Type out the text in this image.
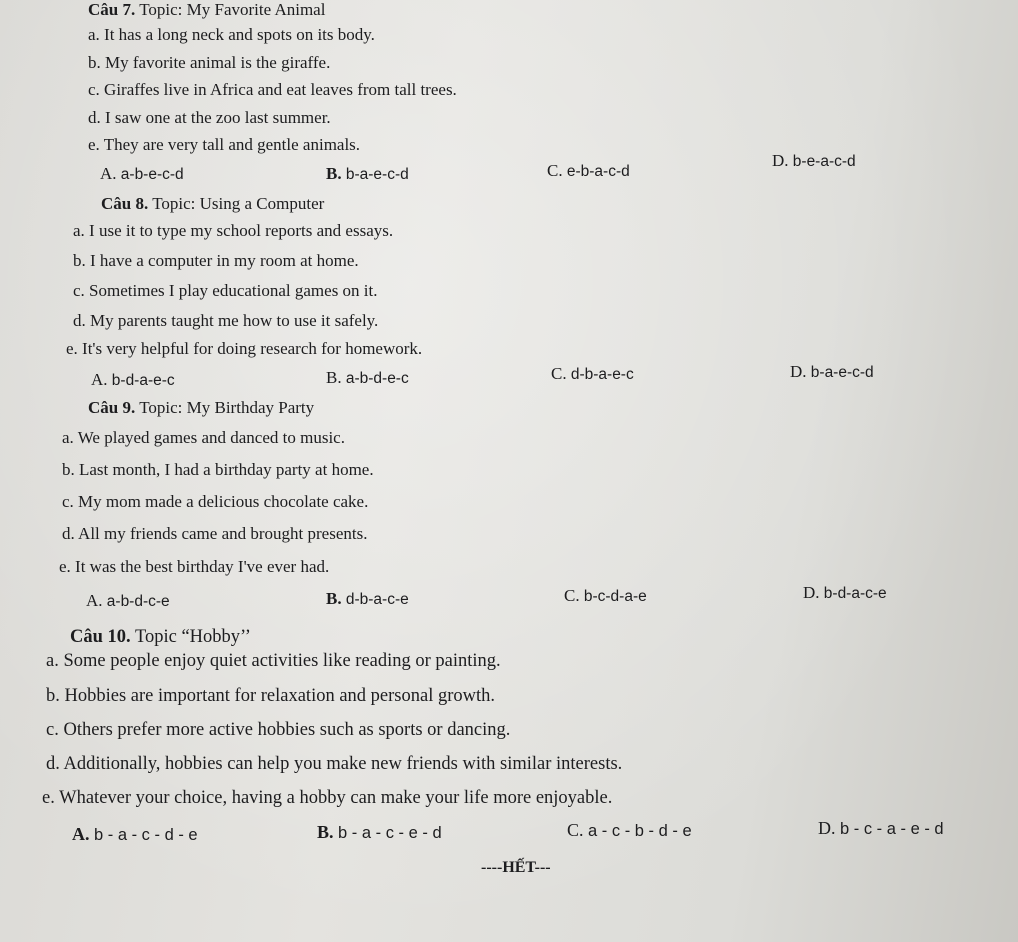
Câu 7. Topic: My Favorite Animal
a. It has a long neck and spots on its body.
b. My favorite animal is the giraffe.
c. Giraffes live in Africa and eat leaves from tall trees.
d. I saw one at the zoo last summer.
e. They are very tall and gentle animals.
A. a-b-e-c-d	B. b-a-e-c-d	C. e-b-a-c-d
D. b-e-a-c-d
Câu 8. Topic: Using a Computer
a. I use it to type my school reports and essays.
b. I have a computer in my room at home.
c. Sometimes I play educational games on it.
d. My parents taught me how to use it safely.
e. It's very helpful for doing research for homework.
A. b-d-a-e-c	B. a-b-d-e-c	C. d-b-a-e-c	D. b-a-e-c-d
Câu 9. Topic: My Birthday Party
a. We played games and danced to music.
b. Last month, I had a birthday party at home.
c. My mom made a delicious chocolate cake.
d. All my friends came and brought presents.
e. It was the best birthday I've ever had.
A. a-b-d-c-e	B. d-b-a-c-e	C. b-c-d-a-e	D. b-d-a-c-e
Câu 10. Topic “Hobby’’
a. Some people enjoy quiet activities like reading or painting.
b. Hobbies are important for relaxation and personal growth.
c. Others prefer more active hobbies such as sports or dancing.
d. Additionally, hobbies can help you make new friends with similar interests.
e. Whatever your choice, having a hobby can make your life more enjoyable.
A. b - a - c - d - e	B. b - a - c - e - d	C. a - c - b - d - e	D. b - c - a - e - d
----HẾT---
